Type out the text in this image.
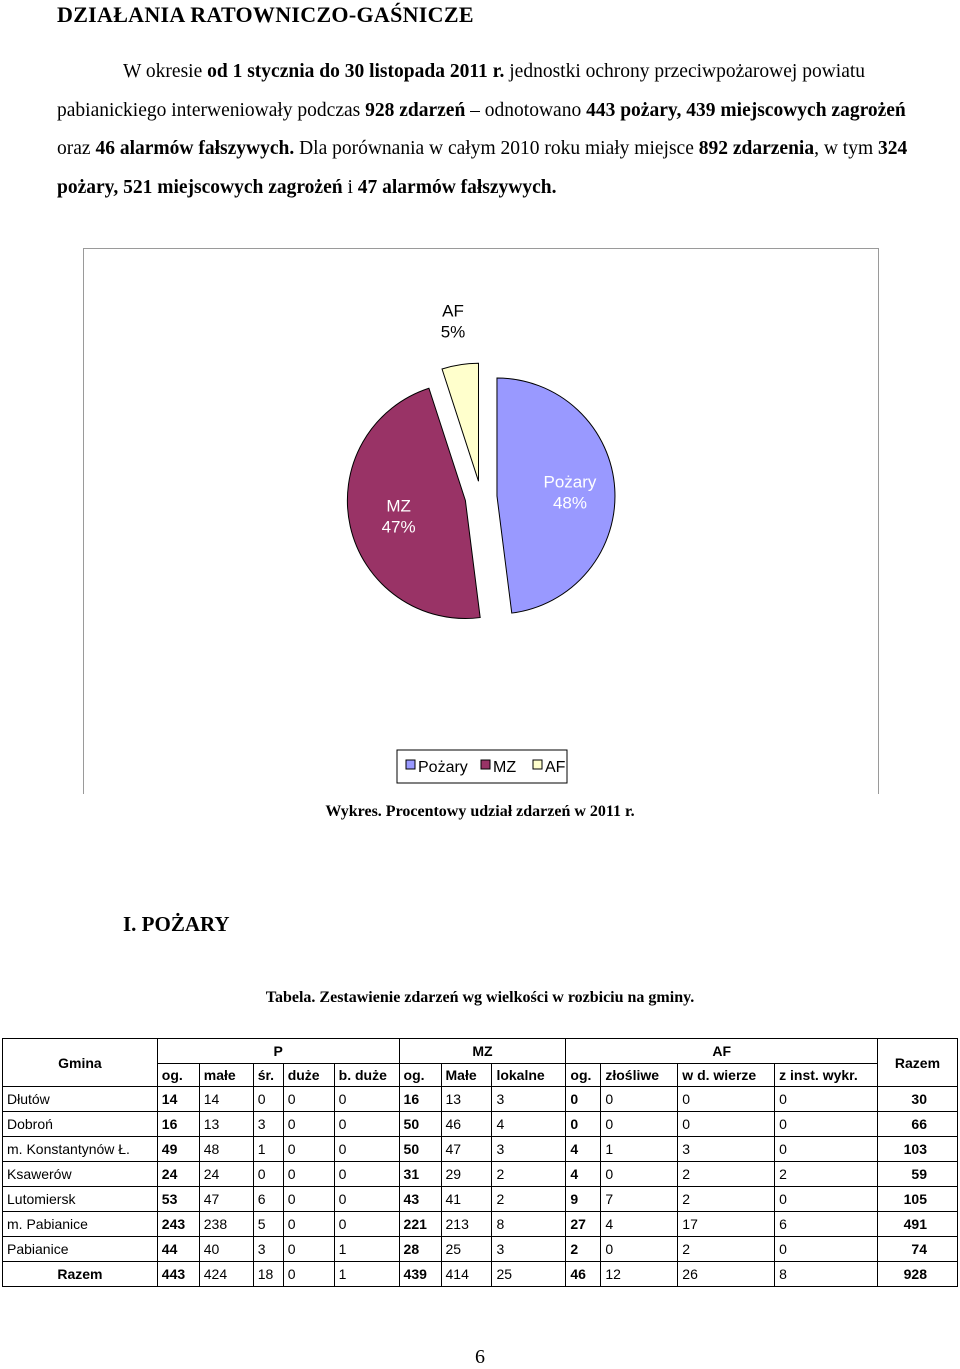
DZIAŁANIA RATOWNICZO-GAŚNICZE
W okresie od 1 stycznia do 30 listopada 2011 r. jednostki ochrony przeciwpożarowej powiatu pabianickiego interweniowały podczas 928 zdarzeń – odnotowano 443 pożary, 439 miejscowych zagrożeń oraz 46 alarmów fałszywych. Dla porównania w całym 2010 roku miały miejsce 892 zdarzenia, w tym 324 pożary, 521 miejscowych zagrożeń i 47 alarmów fałszywych.
Pożary
48%
MZ
47%
AF
5%
Pożary MZ AF
Wykres. Procentowy udział zdarzeń w 2011 r.
I. POŻARY
Tabela. Zestawienie zdarzeń wg wielkości w rozbiciu na gminy.
Gmina	P					MZ			AF				Razem
	og.	małe	śr.	duże	b. duże	og.	Małe	lokalne	og.	złośliwe	w d. wierze	z inst. wykr.	
Dłutów	14	14	0	0	0	16	13	3	0	0	0	0	30
Dobroń	16	13	3	0	0	50	46	4	0	0	0	0	66
m. Konstantynów Ł.	49	48	1	0	0	50	47	3	4	1	3	0	103
Ksawerów	24	24	0	0	0	31	29	2	4	0	2	2	59
Lutomiersk	53	47	6	0	0	43	41	2	9	7	2	0	105
m. Pabianice	243	238	5	0	0	221	213	8	27	4	17	6	491
Pabianice	44	40	3	0	1	28	25	3	2	0	2	0	74
Razem	443	424	18	0	1	439	414	25	46	12	26	8	928
6
